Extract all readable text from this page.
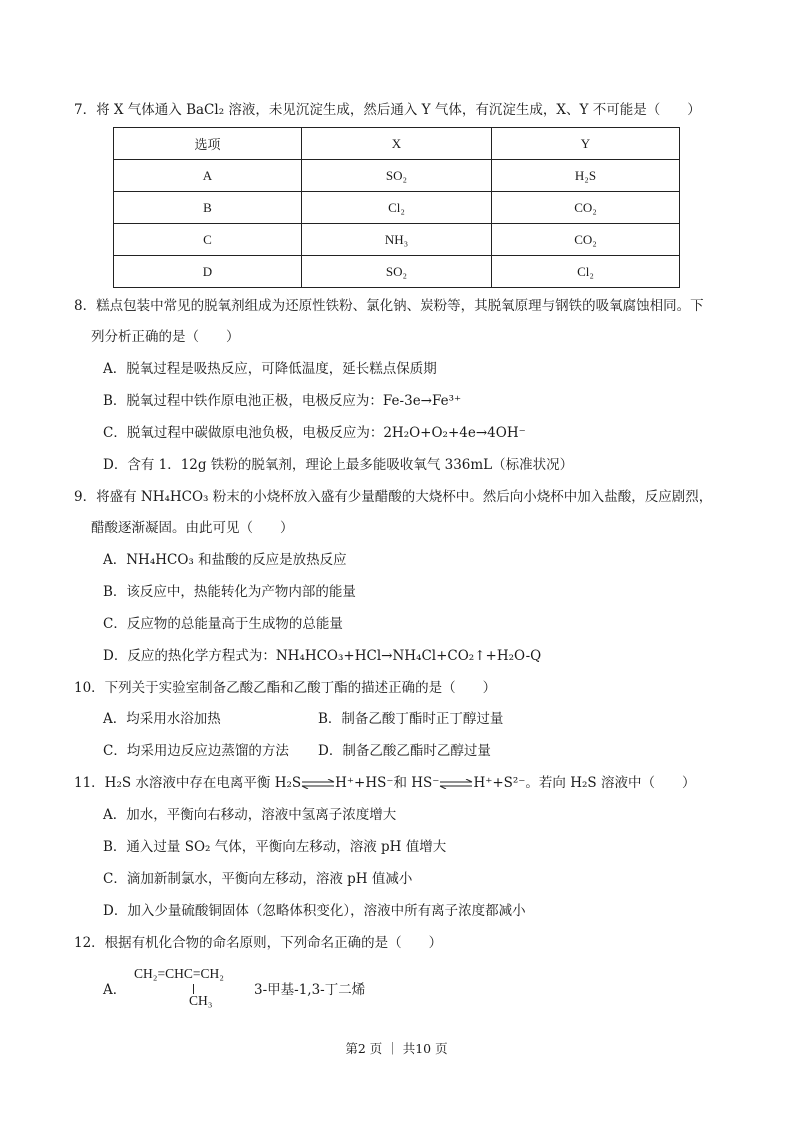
7．将 X 气体通入 BaCl₂ 溶液，未见沉淀生成，然后通入 Y 气体，有沉淀生成，X、Y 不可能是（　　）
选项	X	Y
A	SO₂	H₂S
B	Cl₂	CO₂
C	NH₃	CO₂
D	SO₂	Cl₂
8．糕点包装中常见的脱氧剂组成为还原性铁粉、氯化钠、炭粉等，其脱氧原理与钢铁的吸氧腐蚀相同。下
列分析正确的是（　　）
A．脱氧过程是吸热反应，可降低温度，延长糕点保质期
B．脱氧过程中铁作原电池正极，电极反应为：Fe-3e→Fe³⁺
C．脱氧过程中碳做原电池负极，电极反应为：2H₂O+O₂+4e→4OH⁻
D．含有 1．12g 铁粉的脱氧剂，理论上最多能吸收氧气 336mL（标准状况）
9．将盛有 NH₄HCO₃ 粉末的小烧杯放入盛有少量醋酸的大烧杯中。然后向小烧杯中加入盐酸，反应剧烈，
醋酸逐渐凝固。由此可见（　　）
A．NH₄HCO₃ 和盐酸的反应是放热反应
B．该反应中，热能转化为产物内部的能量
C．反应物的总能量高于生成物的总能量
D．反应的热化学方程式为：NH₄HCO₃+HCl→NH₄Cl+CO₂↑+H₂O-Q
10．下列关于实验室制备乙酸乙酯和乙酸丁酯的描述正确的是（　　）
A．均采用水浴加热	B．制备乙酸丁酯时正丁醇过量
C．均采用边反应边蒸馏的方法 D．制备乙酸乙酯时乙醇过量
11．H₂S 水溶液中存在电离平衡 H₂S⇌H⁺+HS⁻和 HS⁻⇌H⁺+S²⁻。若向 H₂S 溶液中（　　）
A．加水，平衡向右移动，溶液中氢离子浓度增大
B．通入过量 SO₂ 气体，平衡向左移动，溶液 pH 值增大
C．滴加新制氯水，平衡向左移动，溶液 pH 值减小
D．加入少量硫酸铜固体（忽略体积变化），溶液中所有离子浓度都减小
12．根据有机化合物的命名原则，下列命名正确的是（　　）
A．
CH₂=CHC=CH₂
CH₃
3-甲基-1,3-丁二烯
第2 页 ｜ 共10 页
